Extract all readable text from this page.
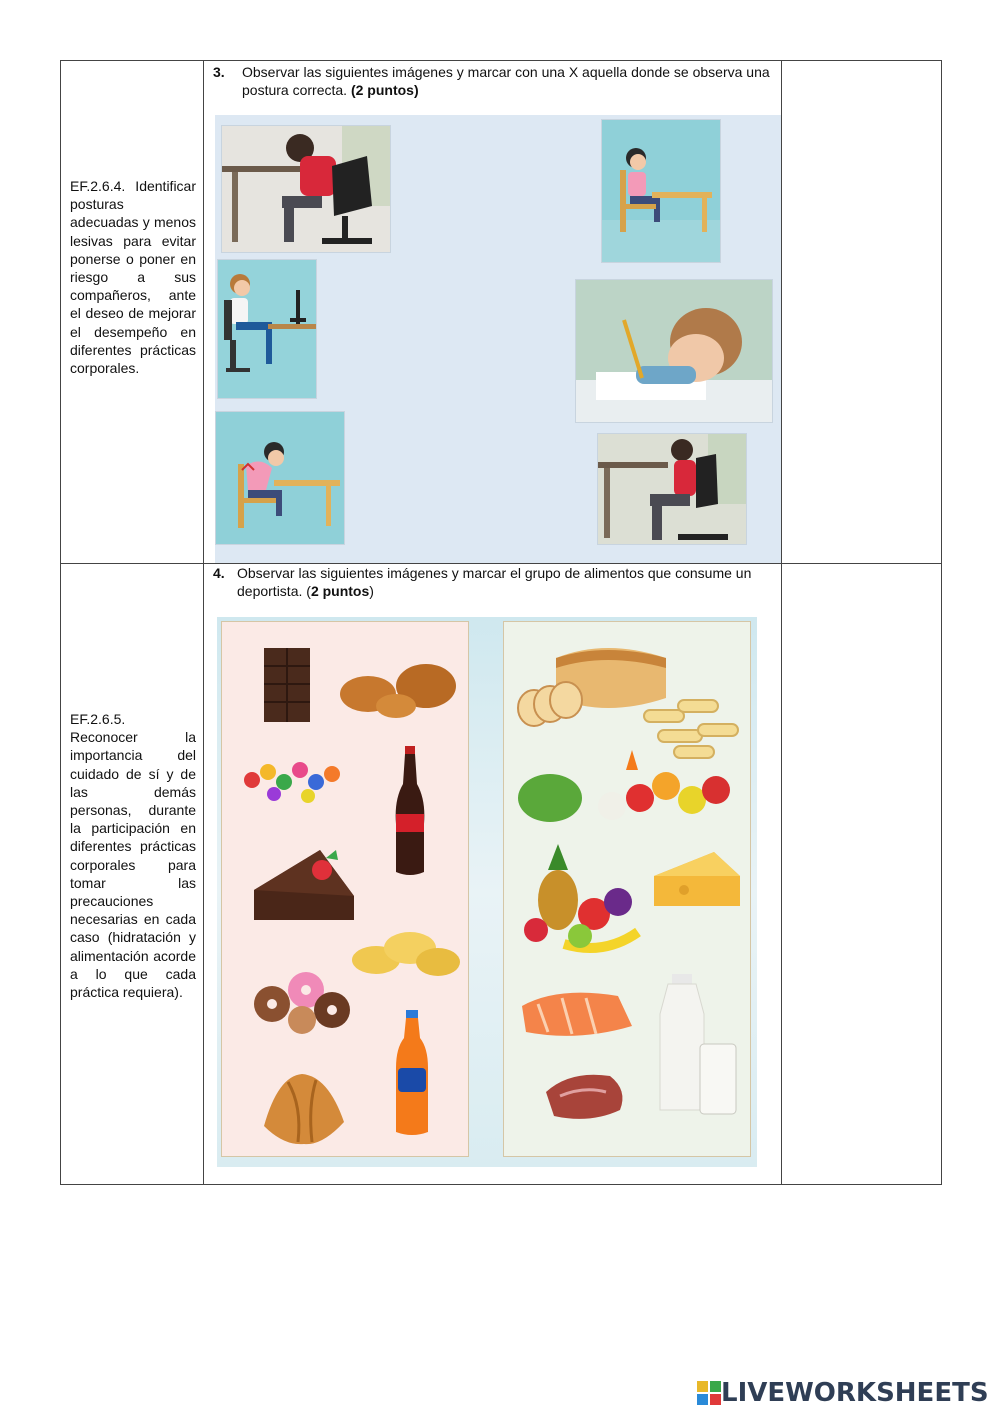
EF.2.6.4. Identificar posturas adecuadas y menos lesivas para evitar ponerse o poner en riesgo a sus compañeros, ante el deseo de mejorar el desempeño en diferentes prácticas corporales.
3. Observar las siguientes imágenes y marcar con una X aquella donde se observa una postura correcta. (2 puntos)
EF.2.6.5. Reconocer la importancia del cuidado de sí y de las demás personas, durante la participación en diferentes prácticas corporales para tomar las precauciones necesarias en cada caso (hidratación y alimentación acorde a lo que cada práctica requiera).
4. Observar las siguientes imágenes y marcar el grupo de alimentos que consume un deportista. (2 puntos)
LIVEWORKSHEETS
